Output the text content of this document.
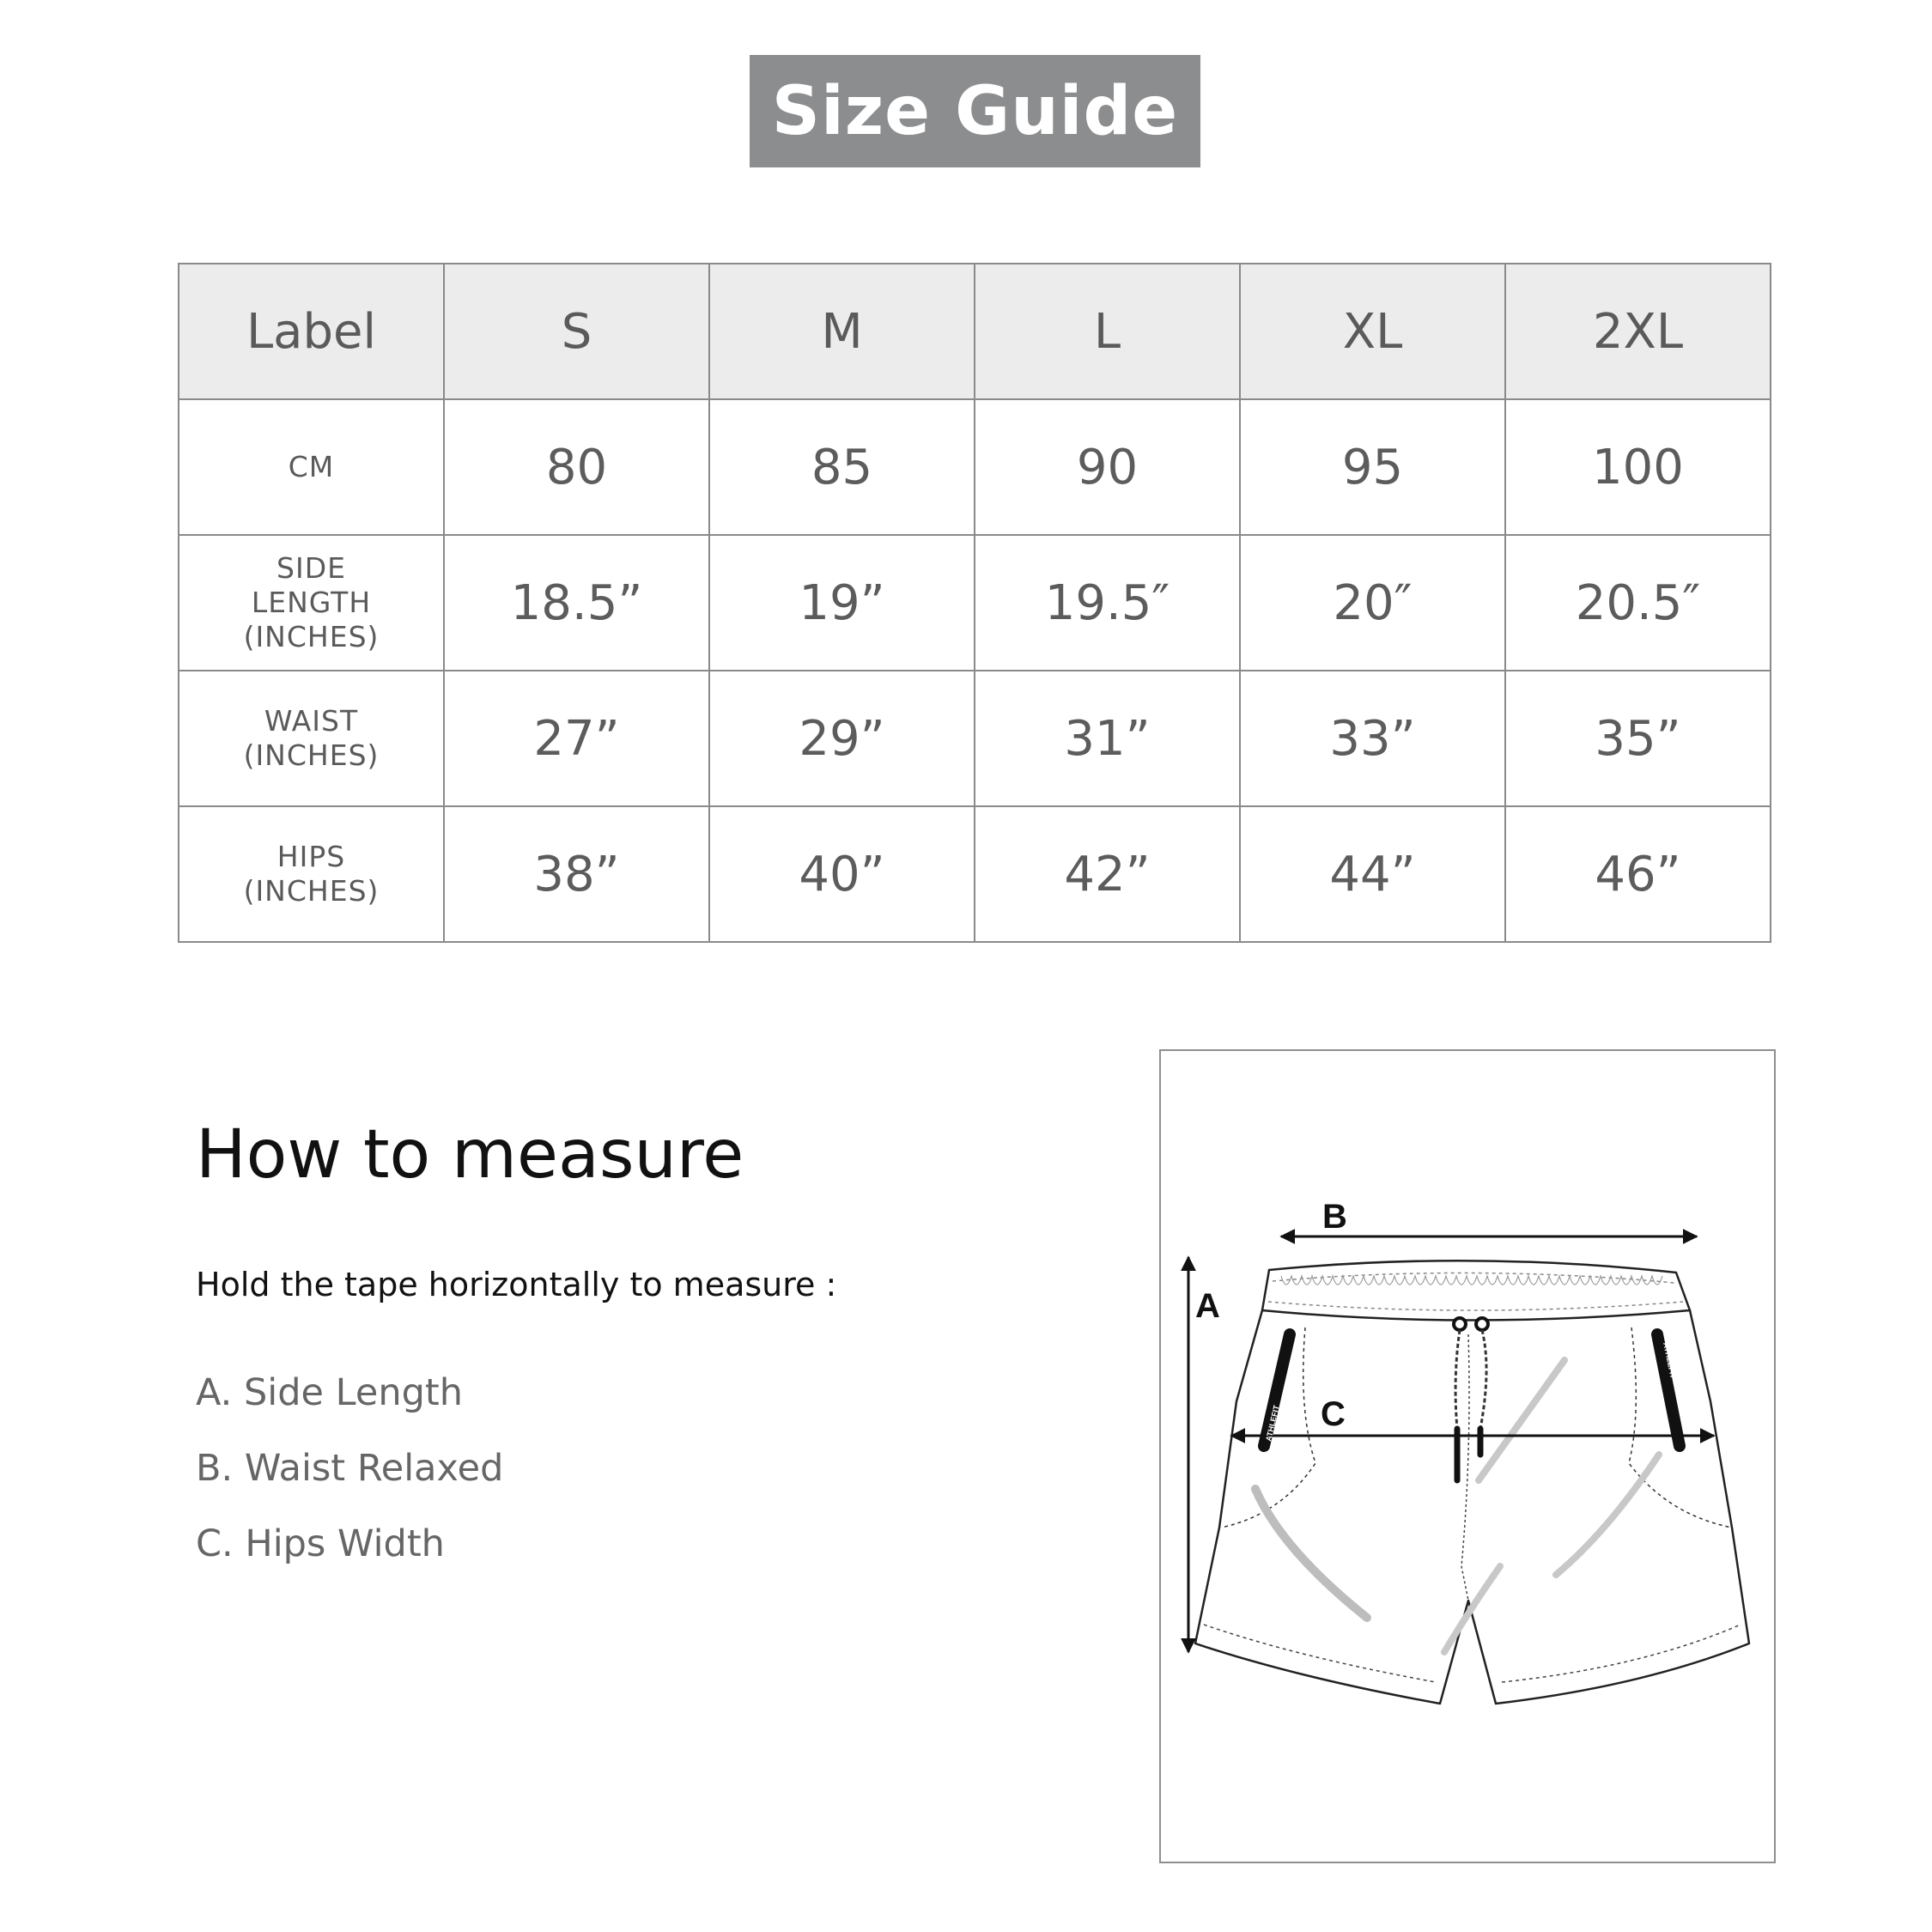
Size Guide
Label	S	M	L	XL	2XL

CM	80	85	90	95	100

SIDE
LENGTH
(INCHES)	18.5”	19”	19.5″	20″	20.5″

WAIST
(INCHES)	27”	29”	31”	33”	35”

HIPS
(INCHES)	38”	40”	42”	44”	46”
How to measure
Hold the tape horizontally to measure :
A. Side Length
B. Waist Relaxed
C. Hips Width
A
B
C
ATHLEFIT
ATHLEFIT
